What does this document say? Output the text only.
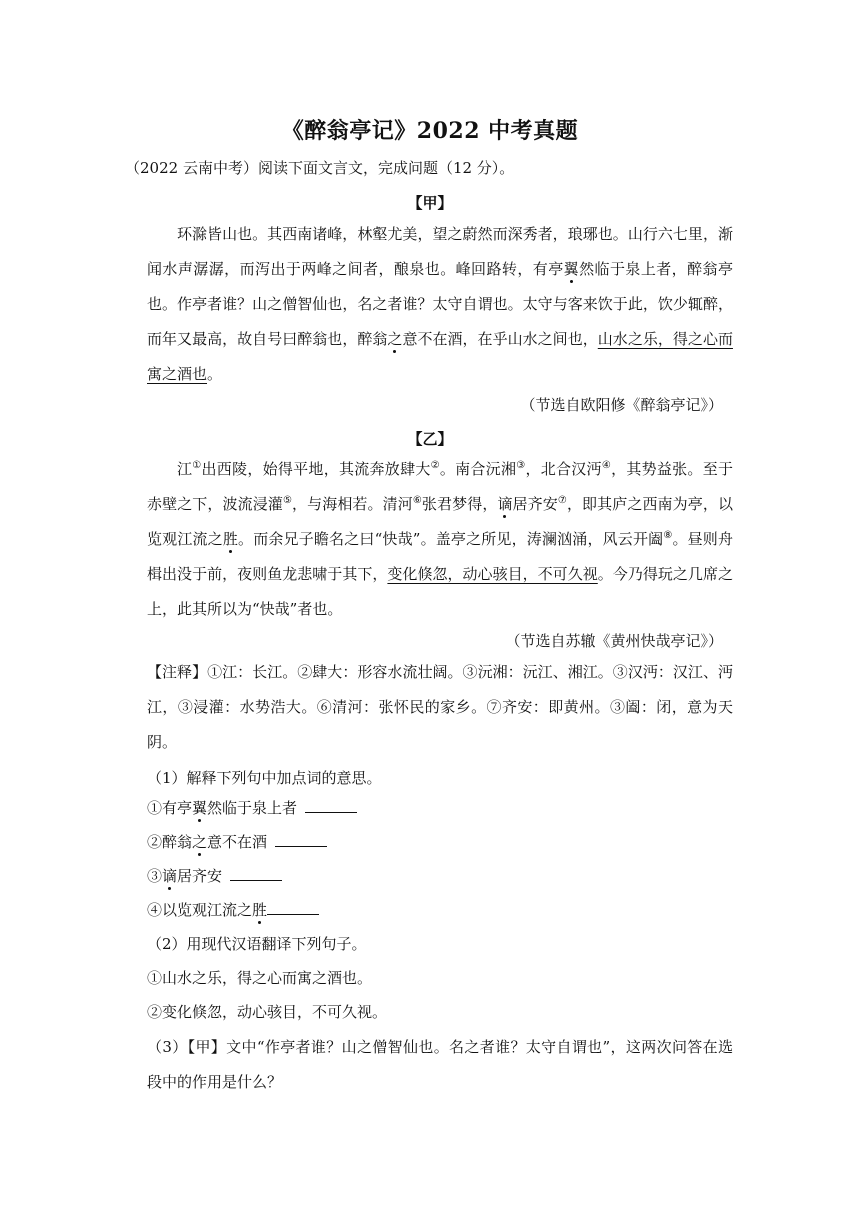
《醉翁亭记》2022 中考真题
（2022 云南中考）阅读下面文言文，完成问题（12 分）。
【甲】
环滁皆山也。其西南诸峰，林壑尤美，望之蔚然而深秀者，琅琊也。山行六七里，渐闻水声潺潺，而泻出于两峰之间者，酿泉也。峰回路转，有亭翼然临于泉上者，醉翁亭也。作亭者谁？山之僧智仙也，名之者谁？太守自谓也。太守与客来饮于此，饮少辄醉，而年又最高，故自号曰醉翁也，醉翁之意不在酒，在乎山水之间也，山水之乐，得之心而寓之酒也。
（节选自欧阳修《醉翁亭记》）
【乙】
江①出西陵，始得平地，其流奔放肆大②。南合沅湘③，北合汉沔④，其势益张。至于赤壁之下，波流浸灌⑤，与海相若。清河⑥张君梦得，谪居齐安⑦，即其庐之西南为亭，以览观江流之胜。而余兄子瞻名之曰“快哉”。盖亭之所见，涛澜汹涌，风云开阖⑧。昼则舟楫出没于前，夜则鱼龙悲啸于其下，变化倏忽，动心骇目，不可久视。今乃得玩之几席之上，此其所以为“快哉”者也。
（节选自苏辙《黄州快哉亭记》）
【注释】①江：长江。②肆大：形容水流壮阔。③沅湘：沅江、湘江。③汉沔：汉江、沔江，③浸灌：水势浩大。⑥清河：张怀民的家乡。⑦齐安：即黄州。③阖：闭，意为天阴。
（1）解释下列句中加点词的意思。
①有亭翼然临于泉上者
②醉翁之意不在酒
③谪居齐安
④以览观江流之胜
（2）用现代汉语翻译下列句子。
①山水之乐，得之心而寓之酒也。
②变化倏忽，动心骇目，不可久视。
（3）【甲】文中“作亭者谁？山之僧智仙也。名之者谁？太守自谓也”，这两次问答在选段中的作用是什么？
